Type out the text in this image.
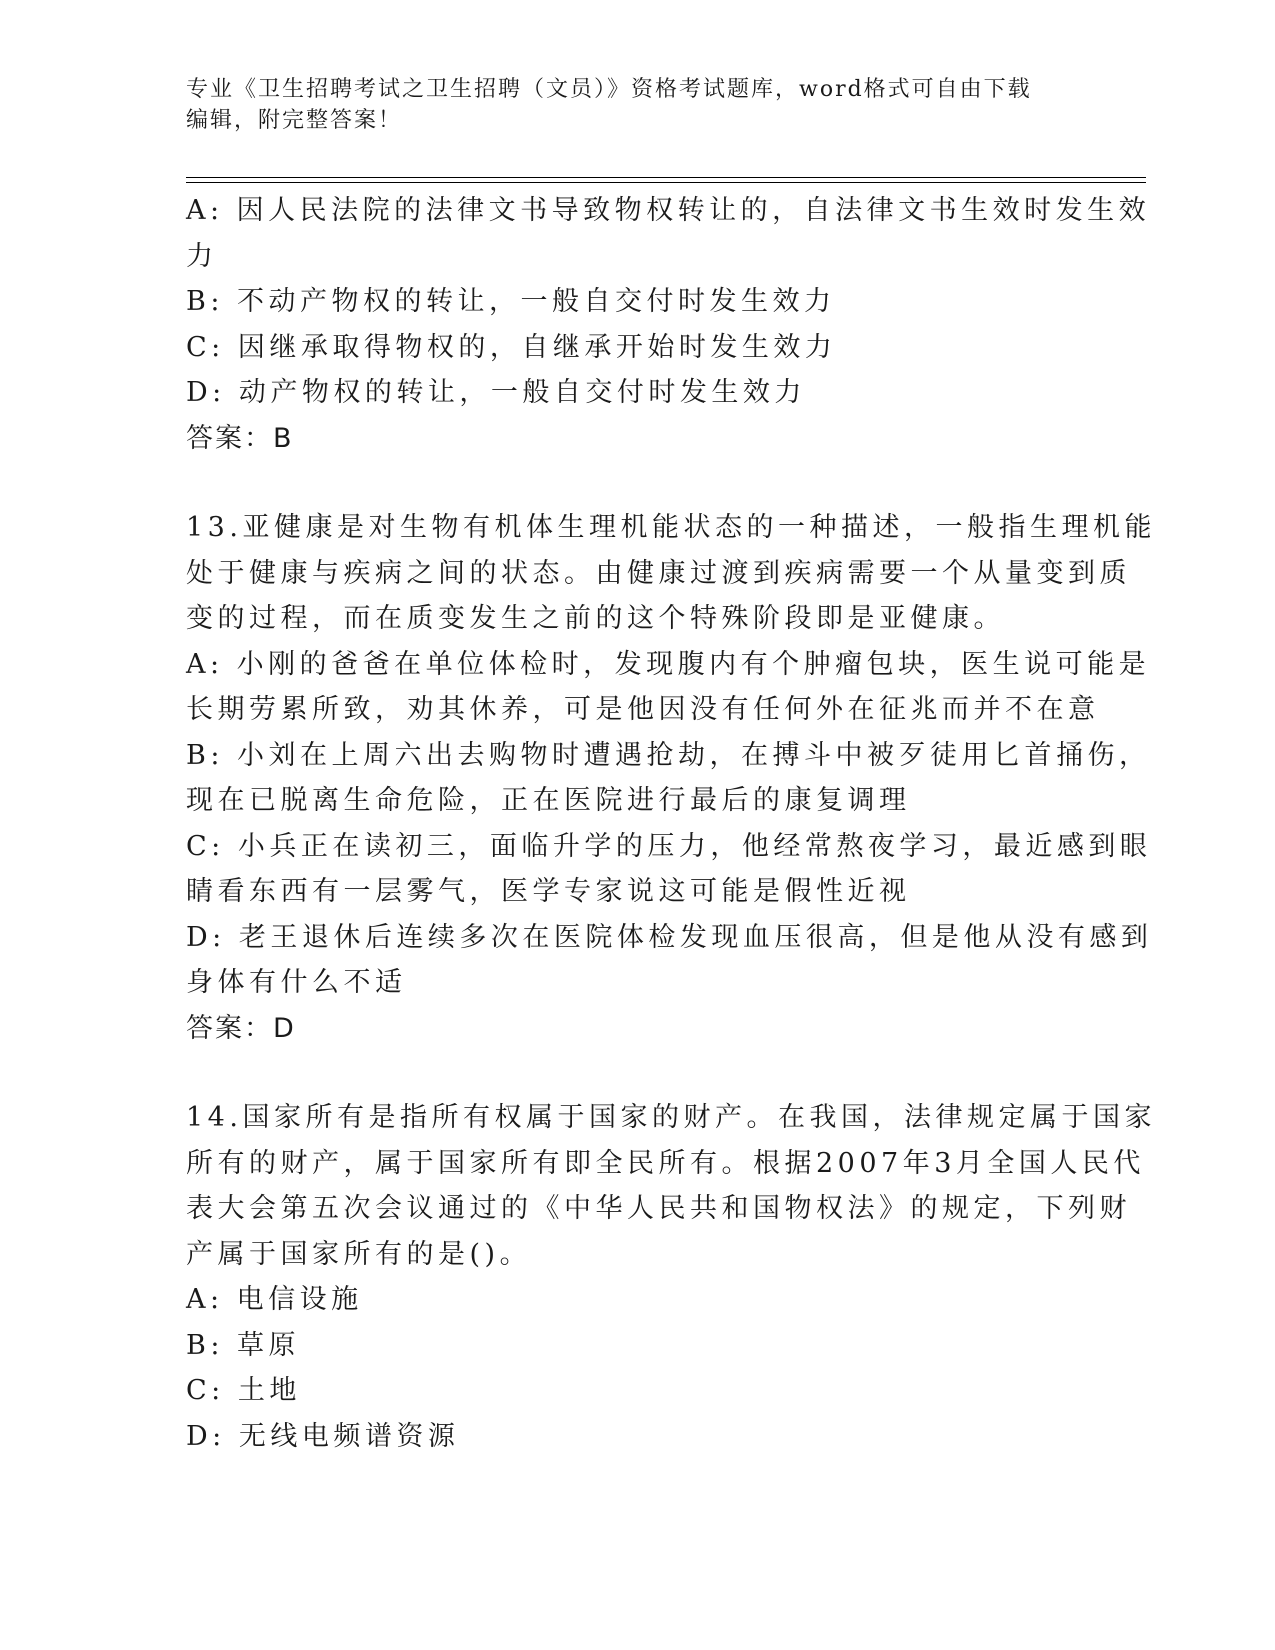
专业《卫生招聘考试之卫生招聘（文员）》资格考试题库，word格式可自由下载
编辑，附完整答案！
A: 因人民法院的法律文书导致物权转让的，自法律文书生效时发生效
力
B: 不动产物权的转让，一般自交付时发生效力
C: 因继承取得物权的，自继承开始时发生效力
D: 动产物权的转让，一般自交付时发生效力
答案：B
13.亚健康是对生物有机体生理机能状态的一种描述，一般指生理机能
处于健康与疾病之间的状态。由健康过渡到疾病需要一个从量变到质
变的过程，而在质变发生之前的这个特殊阶段即是亚健康。
A: 小刚的爸爸在单位体检时，发现腹内有个肿瘤包块，医生说可能是
长期劳累所致，劝其休养，可是他因没有任何外在征兆而并不在意
B: 小刘在上周六出去购物时遭遇抢劫，在搏斗中被歹徒用匕首捅伤，
现在已脱离生命危险，正在医院进行最后的康复调理
C: 小兵正在读初三，面临升学的压力，他经常熬夜学习，最近感到眼
睛看东西有一层雾气，医学专家说这可能是假性近视
D: 老王退休后连续多次在医院体检发现血压很高，但是他从没有感到
身体有什么不适
答案：D
14.国家所有是指所有权属于国家的财产。在我国，法律规定属于国家
所有的财产，属于国家所有即全民所有。根据2007年3月全国人民代
表大会第五次会议通过的《中华人民共和国物权法》的规定，下列财
产属于国家所有的是()。
A: 电信设施
B: 草原
C: 土地
D: 无线电频谱资源
